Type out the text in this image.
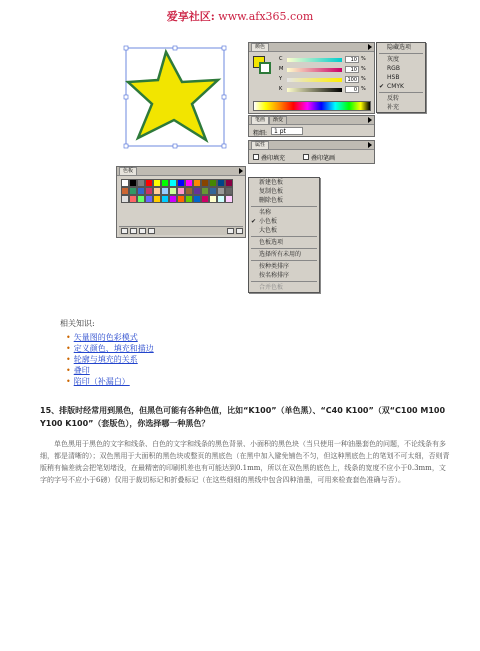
爱享社区: www.afx365.com
颜色
C	10 %
M	10 %
Y	100 %
K	0 %
隐藏选项
灰度
RGB
HSB
✔ CMYK
反转
补充
笔画	渐变
粗细:	1 pt
属性
叠印填充	叠印笔画
色板
新建色板
复制色板
删除色板
名称
✔ 小色板
大色板
色板选项
选择所有未用的
按种类排序
按名称排序
合并色板
相关知识:
• 矢量图的色彩模式
• 定义颜色、填充和描边
• 轮廓与填充的关系
• 叠印
• 陷印（补漏白）
15、排版时经常用到黑色，但黑色可能有各种色值，比如“K100”（单色黑）、“C40 K100”（双“C100 M100 Y100 K100”（套版色），你选择哪一种黑色？
单色黑用于黑色的文字和线条、白色的文字和线条的黑色背景、小面积的黑色块（当只使用一种油墨套色的问题，不论线条有多细，都是清晰的）；双色黑用于大面积的黑色块或整页的黑底色（在黑中加入避免铺色不匀，但这种黑底色上的笔划不可太细，否则青版稍有偏差就会把笔划堵没，在最精密的印刷机差也有可能达到0.1mm，所以在双色黑的底色上，线条的宽度不应小于0.3mm，文字的字号不应小于6磅）仅用于裁切标记和折叠标记（在这些细细的黑线中包含四种油墨，可用来检查套色准确与否）。
